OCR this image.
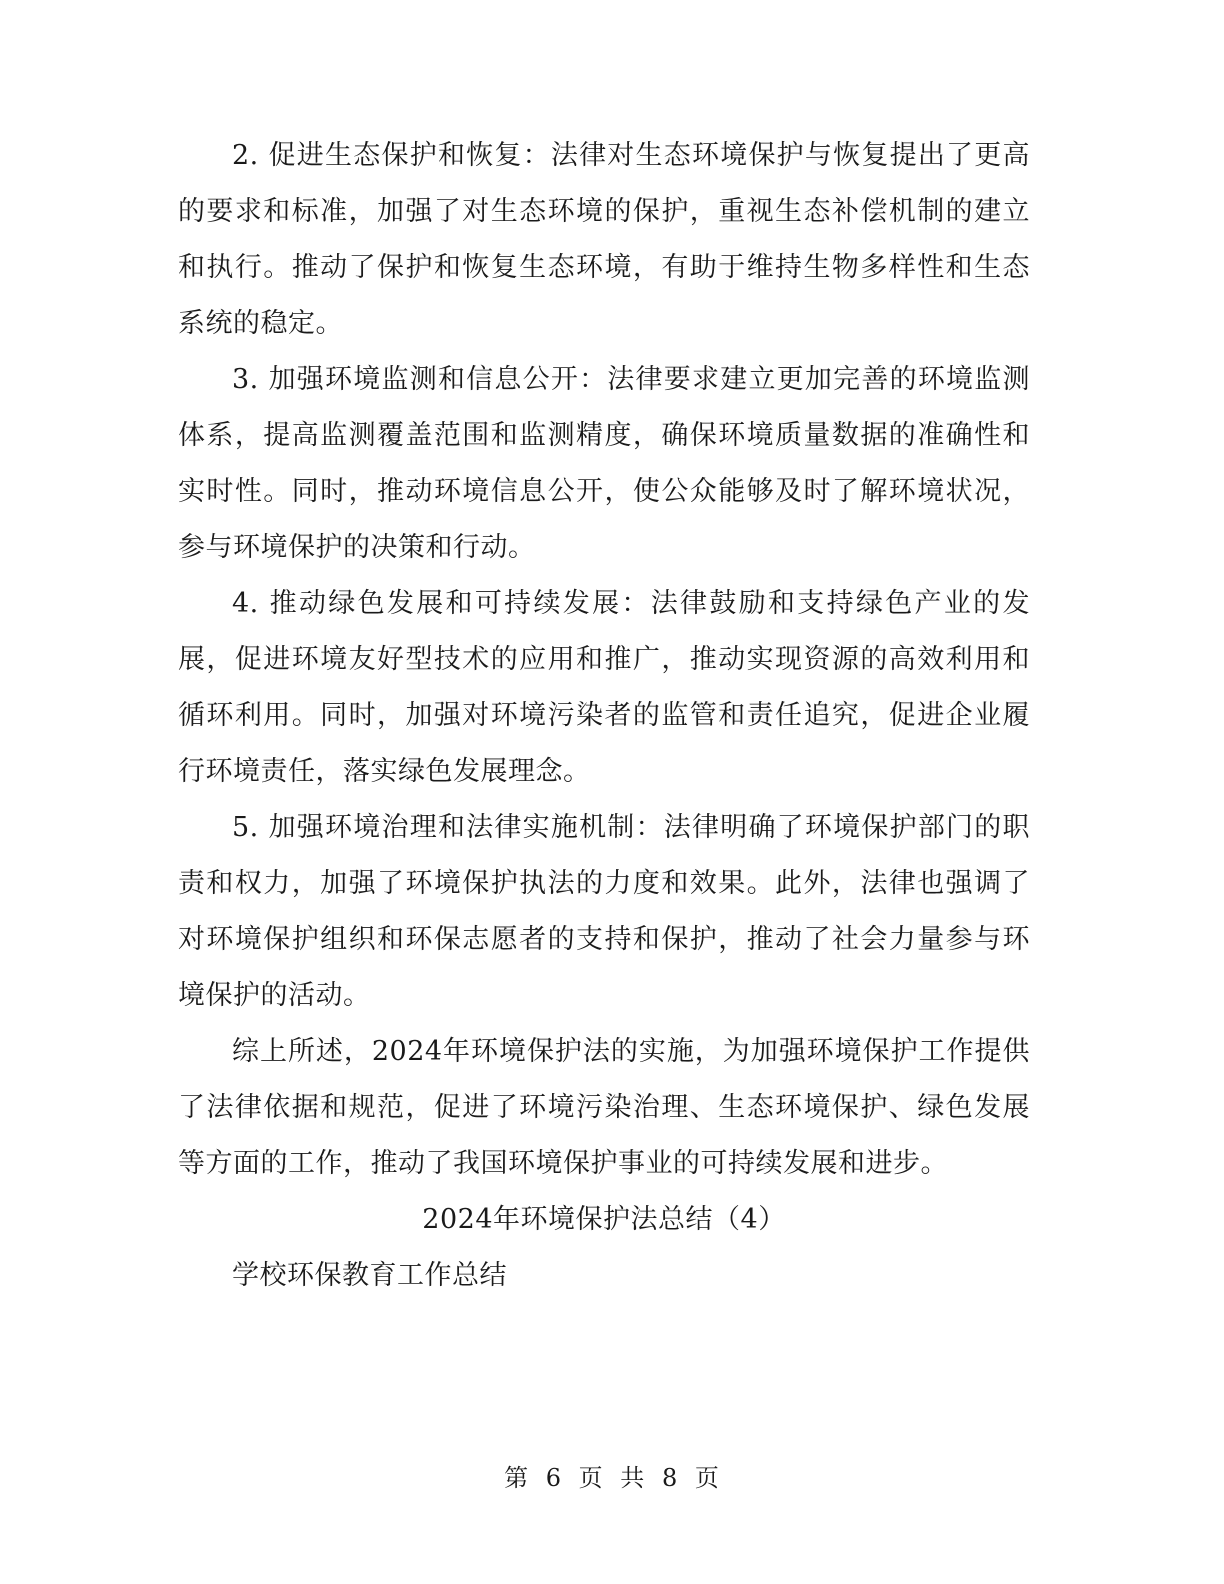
2. 促进生态保护和恢复：法律对生态环境保护与恢复提出了更高的要求和标准，加强了对生态环境的保护，重视生态补偿机制的建立和执行。推动了保护和恢复生态环境，有助于维持生物多样性和生态系统的稳定。

3. 加强环境监测和信息公开：法律要求建立更加完善的环境监测体系，提高监测覆盖范围和监测精度，确保环境质量数据的准确性和实时性。同时，推动环境信息公开，使公众能够及时了解环境状况，参与环境保护的决策和行动。

4. 推动绿色发展和可持续发展：法律鼓励和支持绿色产业的发展，促进环境友好型技术的应用和推广，推动实现资源的高效利用和循环利用。同时，加强对环境污染者的监管和责任追究，促进企业履行环境责任，落实绿色发展理念。

5. 加强环境治理和法律实施机制：法律明确了环境保护部门的职责和权力，加强了环境保护执法的力度和效果。此外，法律也强调了对环境保护组织和环保志愿者的支持和保护，推动了社会力量参与环境保护的活动。

综上所述，2024年环境保护法的实施，为加强环境保护工作提供了法律依据和规范，促进了环境污染治理、生态环境保护、绿色发展等方面的工作，推动了我国环境保护事业的可持续发展和进步。

2024年环境保护法总结（4）

学校环保教育工作总结

第 6 页 共 8 页
